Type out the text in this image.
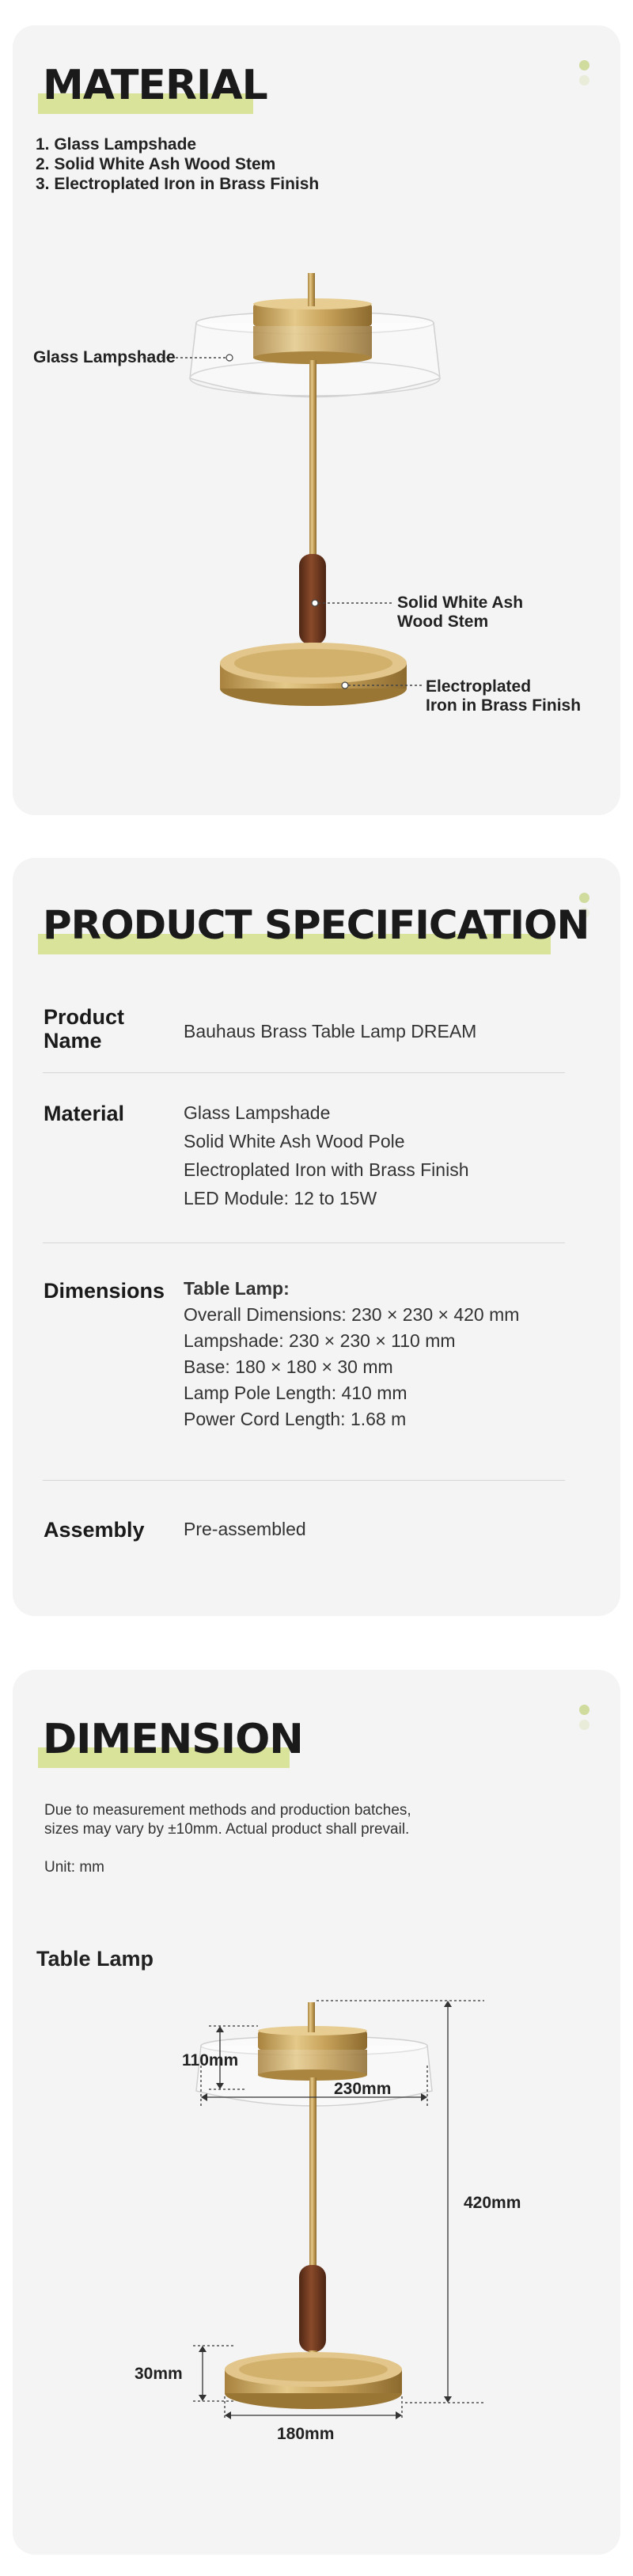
MATERIAL
1. Glass Lampshade
2. Solid White Ash Wood Stem
3. Electroplated Iron in Brass Finish
Glass Lampshade
Solid White Ash
Wood Stem
Electroplated
Iron in Brass Finish
PRODUCT SPECIFICATION
Product
Name	Bauhaus Brass Table Lamp DREAM
Material	Glass Lampshade
Solid White Ash Wood Pole
Electroplated Iron with Brass Finish
LED Module: 12 to 15W
Dimensions Table Lamp:
Overall Dimensions: 230 × 230 × 420 mm
Lampshade: 230 × 230 × 110 mm
Base: 180 × 180 × 30 mm
Lamp Pole Length: 410 mm
Power Cord Length: 1.68 m
Assembly Pre-assembled
DIMENSION
Due to measurement methods and production batches,
sizes may vary by ±10mm. Actual product shall prevail.
Unit: mm
Table Lamp
110mm
230mm
420mm
30mm
180mm
